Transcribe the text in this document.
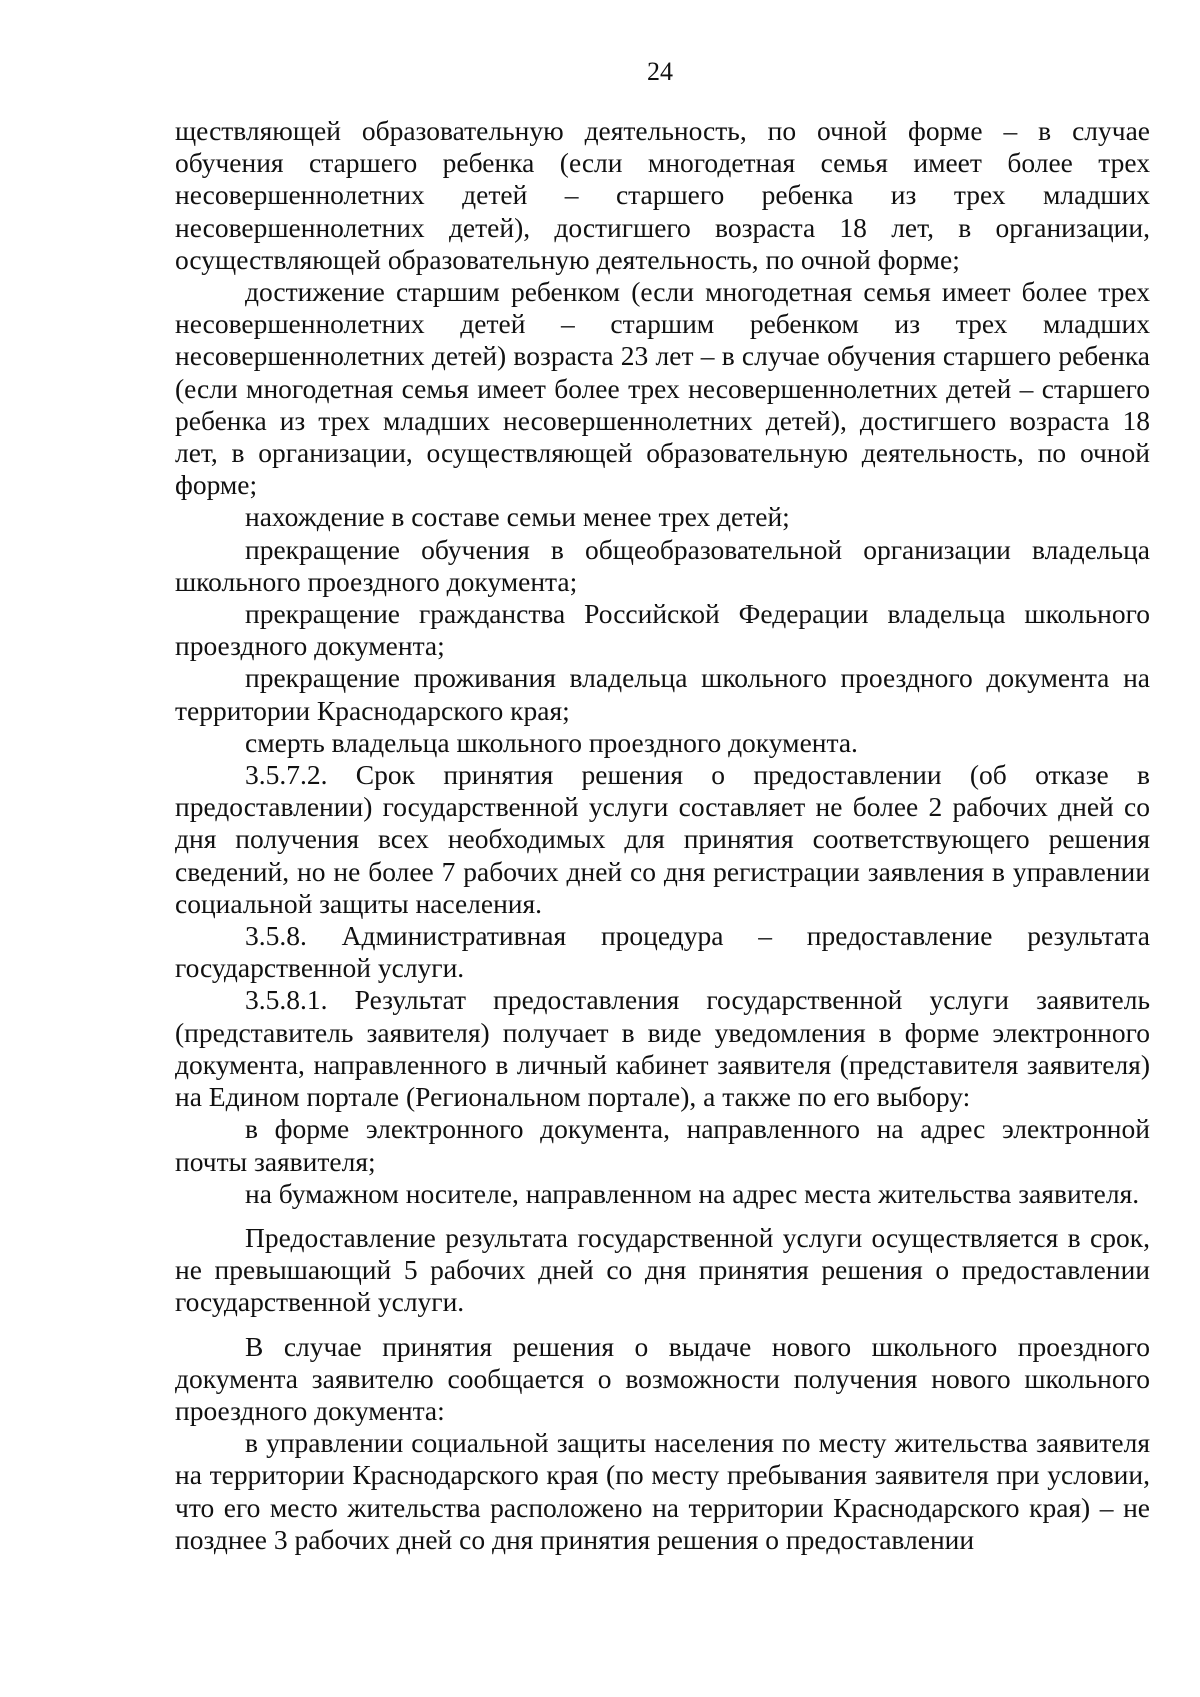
24

ществляющей образовательную деятельность, по очной форме – в случае обучения старшего ребенка (если многодетная семья имеет более трех несовершеннолетних детей – старшего ребенка из трех младших несовершеннолетних детей), достигшего возраста 18 лет, в организации, осуществляющей образовательную деятельность, по очной форме;

достижение старшим ребенком (если многодетная семья имеет более трех несовершеннолетних детей – старшим ребенком из трех младших несовершеннолетних детей) возраста 23 лет – в случае обучения старшего ребенка (если многодетная семья имеет более трех несовершеннолетних детей – старшего ребенка из трех младших несовершеннолетних детей), достигшего возраста 18 лет, в организации, осуществляющей образовательную деятельность, по очной форме;

нахождение в составе семьи менее трех детей;

прекращение обучения в общеобразовательной организации владельца школьного проездного документа;

прекращение гражданства Российской Федерации владельца школьного проездного документа;

прекращение проживания владельца школьного проездного документа на территории Краснодарского края;

смерть владельца школьного проездного документа.

3.5.7.2. Срок принятия решения о предоставлении (об отказе в предоставлении) государственной услуги составляет не более 2 рабочих дней со дня получения всех необходимых для принятия соответствующего решения сведений, но не более 7 рабочих дней со дня регистрации заявления в управлении социальной защиты населения.

3.5.8. Административная процедура – предоставление результата государственной услуги.

3.5.8.1. Результат предоставления государственной услуги заявитель (представитель заявителя) получает в виде уведомления в форме электронного документа, направленного в личный кабинет заявителя (представителя заявителя) на Едином портале (Региональном портале), а также по его выбору:

в форме электронного документа, направленного на адрес электронной почты заявителя;

на бумажном носителе, направленном на адрес места жительства заявителя.

Предоставление результата государственной услуги осуществляется в срок, не превышающий 5 рабочих дней со дня принятия решения о предоставлении государственной услуги.

В случае принятия решения о выдаче нового школьного проездного документа заявителю сообщается о возможности получения нового школьного проездного документа:

в управлении социальной защиты населения по месту жительства заявителя на территории Краснодарского края (по месту пребывания заявителя при условии, что его место жительства расположено на территории Краснодарского края) – не позднее 3 рабочих дней со дня принятия решения о предоставлении
